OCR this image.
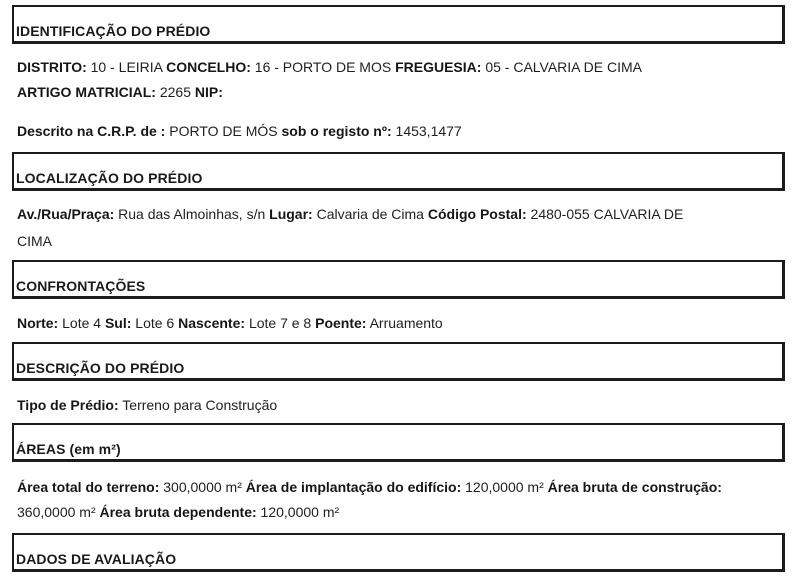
IDENTIFICAÇÃO DO PRÉDIO
DISTRITO: 10 - LEIRIA CONCELHO: 16 - PORTO DE MOS FREGUESIA: 05 - CALVARIA DE CIMA
ARTIGO MATRICIAL: 2265 NIP:
Descrito na C.R.P. de : PORTO DE MÓS sob o registo nº: 1453,1477
LOCALIZAÇÃO DO PRÉDIO
Av./Rua/Praça: Rua das Almoinhas, s/n Lugar: Calvaria de Cima Código Postal: 2480-055 CALVARIA DE
CIMA
CONFRONTAÇÕES
Norte: Lote 4 Sul: Lote 6 Nascente: Lote 7 e 8 Poente: Arruamento
DESCRIÇÃO DO PRÉDIO
Tipo de Prédio: Terreno para Construção
ÁREAS (em m²)
Área total do terreno: 300,0000 m² Área de implantação do edifício: 120,0000 m² Área bruta de construção:
360,0000 m² Área bruta dependente: 120,0000 m²
DADOS DE AVALIAÇÃO
